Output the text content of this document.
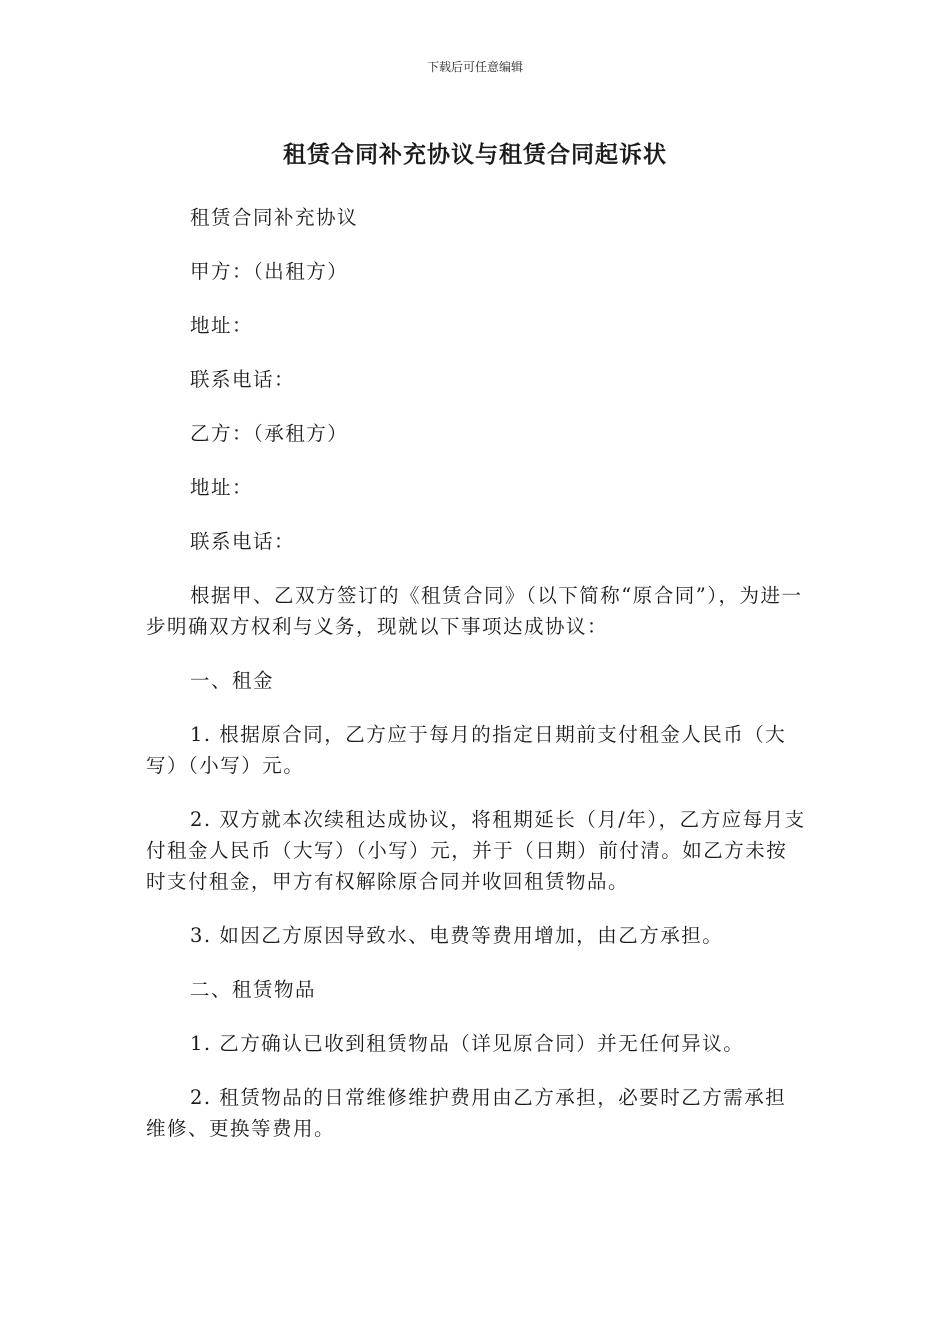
下载后可任意编辑
租赁合同补充协议与租赁合同起诉状

租赁合同补充协议

甲方：（出租方）

地址：

联系电话：

乙方：（承租方）

地址：

联系电话：

根据甲、乙双方签订的《租赁合同》（以下简称“原合同”），为进一步明确双方权利与义务，现就以下事项达成协议：

一、租金

1. 根据原合同，乙方应于每月的指定日期前支付租金人民币（大写）（小写）元。

2. 双方就本次续租达成协议，将租期延长（月/年），乙方应每月支付租金人民币（大写）（小写）元，并于（日期）前付清。如乙方未按时支付租金，甲方有权解除原合同并收回租赁物品。

3. 如因乙方原因导致水、电费等费用增加，由乙方承担。

二、租赁物品

1. 乙方确认已收到租赁物品（详见原合同）并无任何异议。

2. 租赁物品的日常维修维护费用由乙方承担，必要时乙方需承担维修、更换等费用。
